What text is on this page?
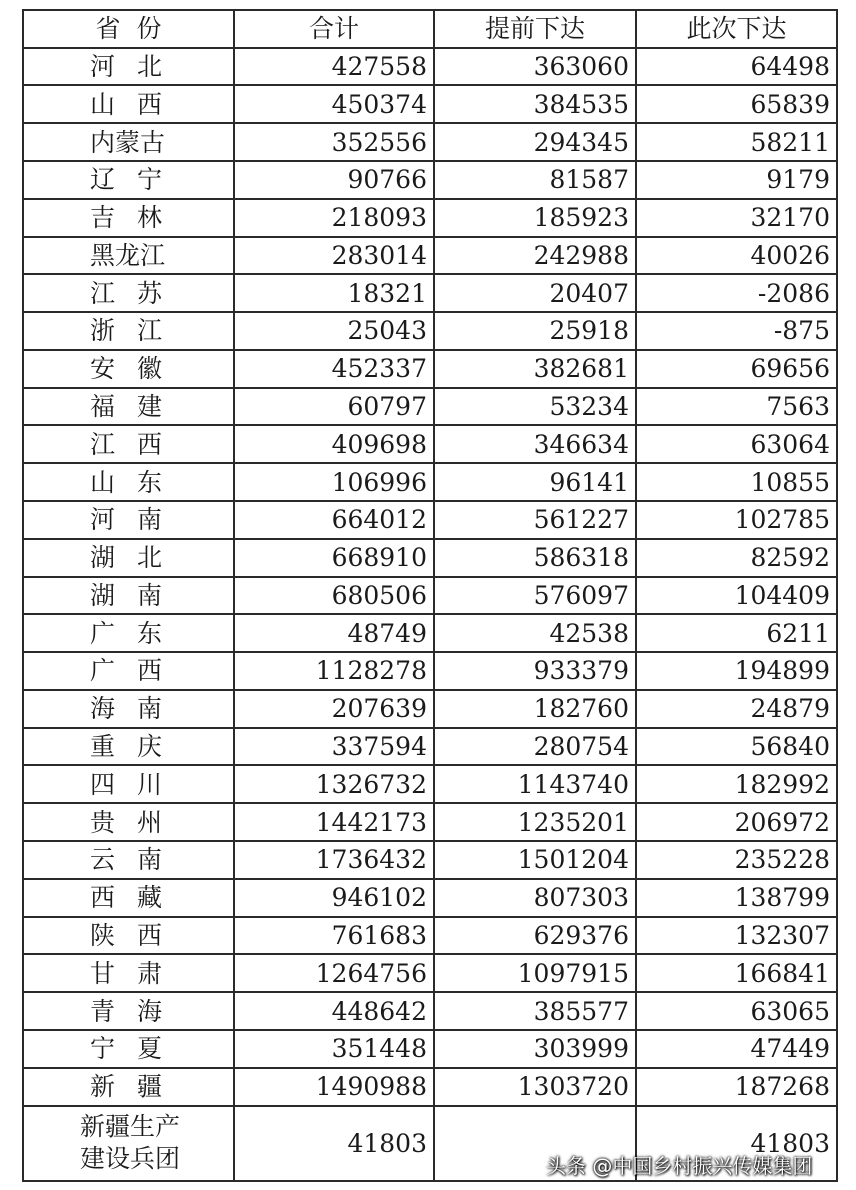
省  份	合计	提前下达	此次下达
河北	427558	363060	64498
山西	450374	384535	65839
内蒙古	352556	294345	58211
辽宁	90766	81587	9179
吉林	218093	185923	32170
黑龙江	283014	242988	40026
江苏	18321	20407	-2086
浙江	25043	25918	-875
安徽	452337	382681	69656
福建	60797	53234	7563
江西	409698	346634	63064
山东	106996	96141	10855
河南	664012	561227	102785
湖北	668910	586318	82592
湖南	680506	576097	104409
广东	48749	42538	6211
广西	1128278	933379	194899
海南	207639	182760	24879
重庆	337594	280754	56840
四川	1326732	1143740	182992
贵州	1442173	1235201	206972
云南	1736432	1501204	235228
西藏	946102	807303	138799
陕西	761683	629376	132307
甘肃	1264756	1097915	166841
青海	448642	385577	63065
宁夏	351448	303999	47449
新疆	1490988	1303720	187268
新疆生产
建设兵团	41803		41803
头条 @中国乡村振兴传媒集团
